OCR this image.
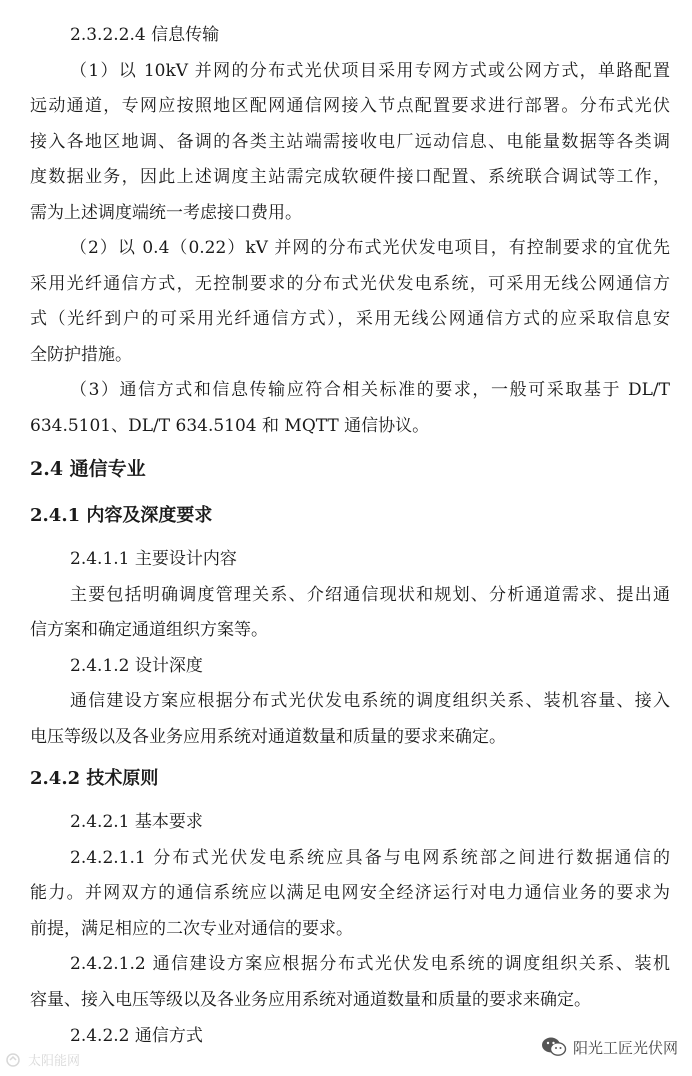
2.3.2.2.4 信息传输
（1）以 10kV 并网的分布式光伏项目采用专网方式或公网方式，单路配置
远动通道，专网应按照地区配网通信网接入节点配置要求进行部署。分布式光伏
接入各地区地调、备调的各类主站端需接收电厂远动信息、电能量数据等各类调
度数据业务，因此上述调度主站需完成软硬件接口配置、系统联合调试等工作，
需为上述调度端统一考虑接口费用。
（2）以 0.4（0.22）kV 并网的分布式光伏发电项目，有控制要求的宜优先
采用光纤通信方式，无控制要求的分布式光伏发电系统，可采用无线公网通信方
式（光纤到户的可采用光纤通信方式），采用无线公网通信方式的应采取信息安
全防护措施。
（3）通信方式和信息传输应符合相关标准的要求，一般可采取基于 DL/T
634.5101、DL/T 634.5104 和 MQTT 通信协议。
2.4 通信专业
2.4.1 内容及深度要求
2.4.1.1 主要设计内容
主要包括明确调度管理关系、介绍通信现状和规划、分析通道需求、提出通
信方案和确定通道组织方案等。
2.4.1.2 设计深度
通信建设方案应根据分布式光伏发电系统的调度组织关系、装机容量、接入
电压等级以及各业务应用系统对通道数量和质量的要求来确定。
2.4.2 技术原则
2.4.2.1 基本要求
2.4.2.1.1 分布式光伏发电系统应具备与电网系统部之间进行数据通信的
能力。并网双方的通信系统应以满足电网安全经济运行对电力通信业务的要求为
前提，满足相应的二次专业对通信的要求。
2.4.2.1.2 通信建设方案应根据分布式光伏发电系统的调度组织关系、装机
容量、接入电压等级以及各业务应用系统对通道数量和质量的要求来确定。
2.4.2.2 通信方式
太阳能网
阳光工匠光伏网
